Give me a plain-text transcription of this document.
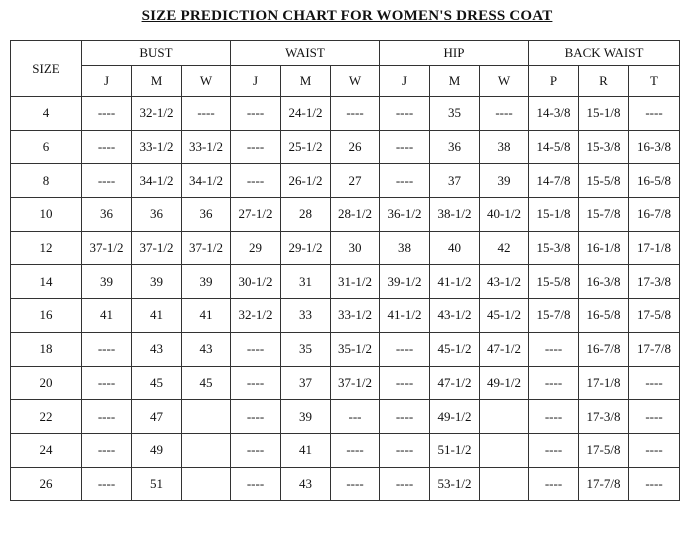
SIZE PREDICTION CHART FOR WOMEN'S DRESS COAT
SIZE	BUST			WAIST			HIP			BACK WAIST		
	J	M	W	J	M	W	J	M	W	P	R	T
4	----	32-1/2	----	----	24-1/2	----	----	35	----	14-3/8	15-1/8	----
6	----	33-1/2	33-1/2	----	25-1/2	26	----	36	38	14-5/8	15-3/8	16-3/8
8	----	34-1/2	34-1/2	----	26-1/2	27	----	37	39	14-7/8	15-5/8	16-5/8
10	36	36	36	27-1/2	28	28-1/2	36-1/2	38-1/2	40-1/2	15-1/8	15-7/8	16-7/8
12	37-1/2	37-1/2	37-1/2	29	29-1/2	30	38	40	42	15-3/8	16-1/8	17-1/8
14	39	39	39	30-1/2	31	31-1/2	39-1/2	41-1/2	43-1/2	15-5/8	16-3/8	17-3/8
16	41	41	41	32-1/2	33	33-1/2	41-1/2	43-1/2	45-1/2	15-7/8	16-5/8	17-5/8
18	----	43	43	----	35	35-1/2	----	45-1/2	47-1/2	----	16-7/8	17-7/8
20	----	45	45	----	37	37-1/2	----	47-1/2	49-1/2	----	17-1/8	----
22	----	47		----	39	---	----	49-1/2		----	17-3/8	----
24	----	49		----	41	----	----	51-1/2		----	17-5/8	----
26	----	51		----	43	----	----	53-1/2		----	17-7/8	----
